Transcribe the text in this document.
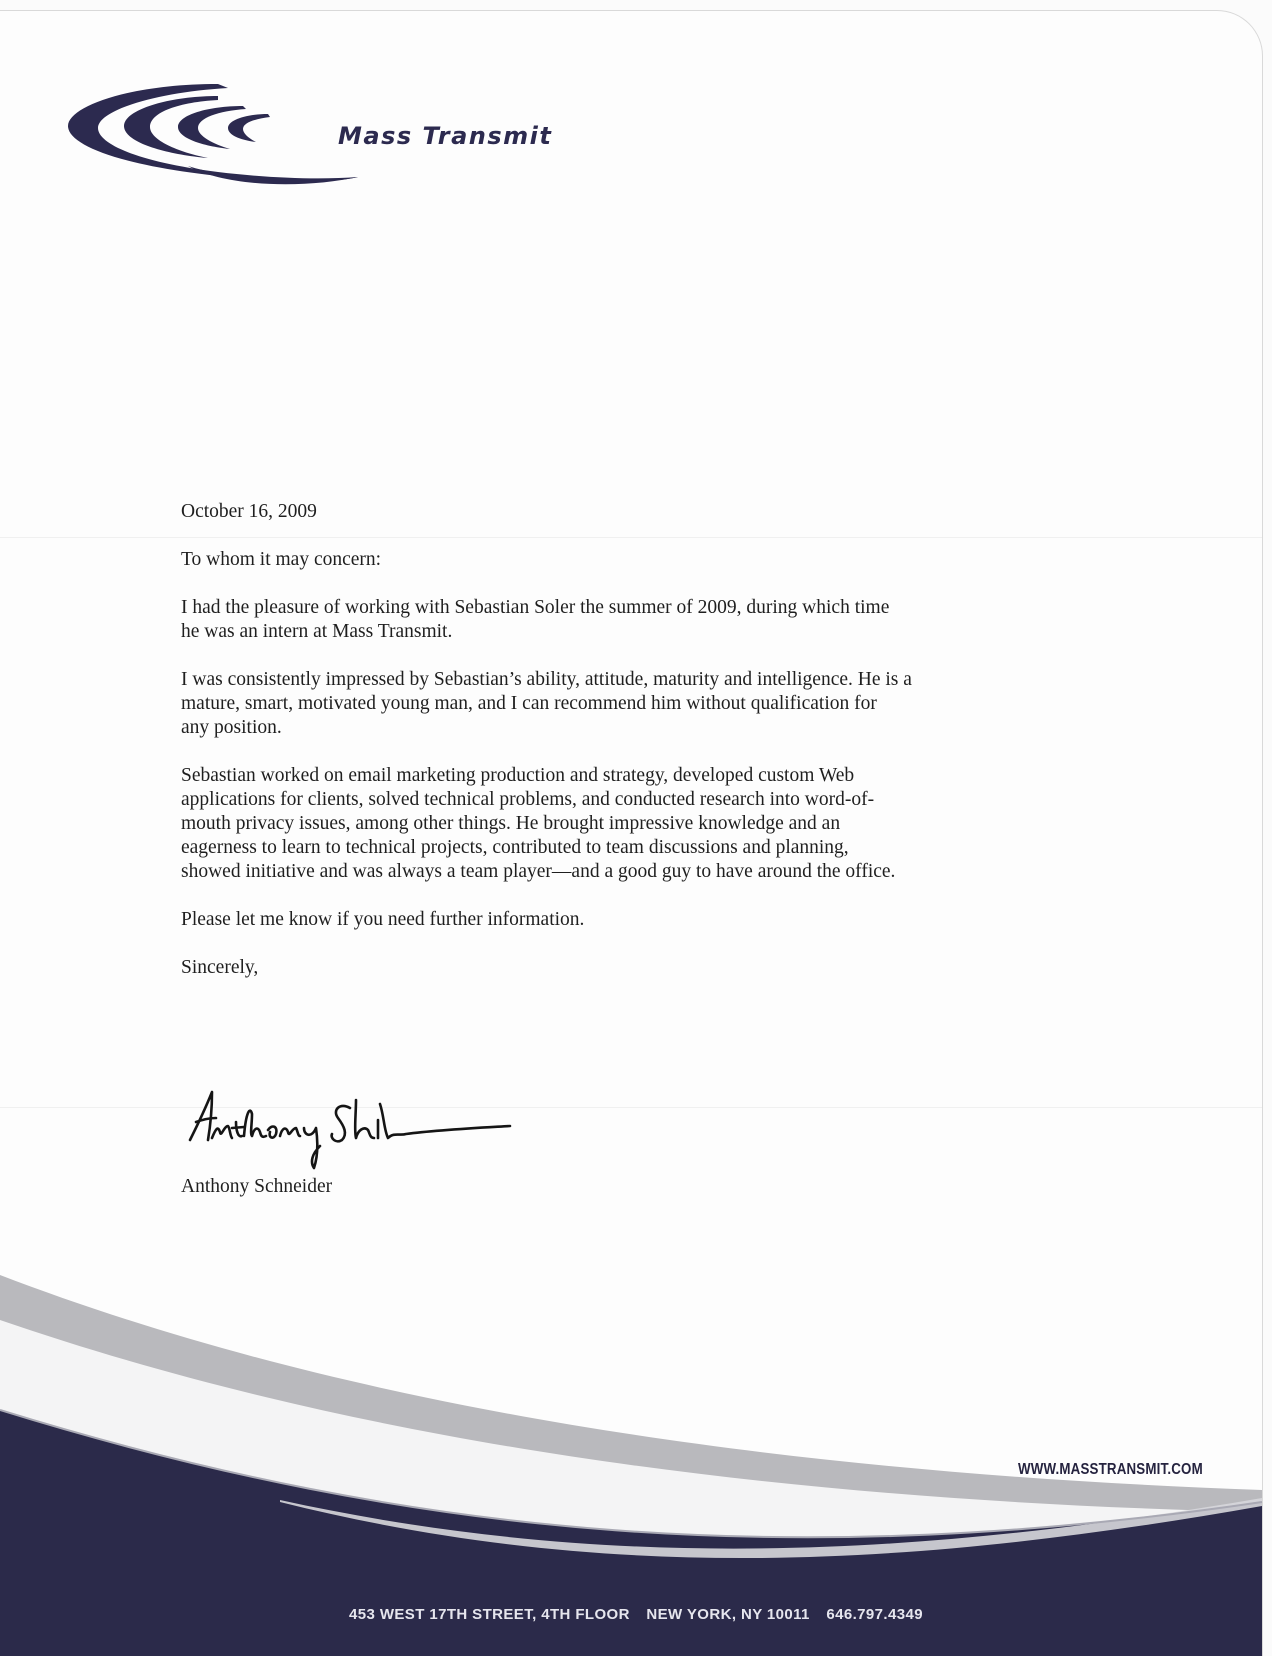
Mass Transmit

October 16, 2009

To whom it may concern:

I had the pleasure of working with Sebastian Soler the summer of 2009, during which time
he was an intern at Mass Transmit.

I was consistently impressed by Sebastian’s ability, attitude, maturity and intelligence. He is a
mature, smart, motivated young man, and I can recommend him without qualification for
any position.

Sebastian worked on email marketing production and strategy, developed custom Web
applications for clients, solved technical problems, and conducted research into word-of-
mouth privacy issues, among other things. He brought impressive knowledge and an
eagerness to learn to technical projects, contributed to team discussions and planning,
showed initiative and was always a team player—and a good guy to have around the office.

Please let me know if you need further information.

Sincerely,

Anthony Schneider
WWW.MASSTRANSMIT.COM
453 WEST 17TH STREET, 4TH FLOOR NEW YORK, NY 10011 646.797.4349
